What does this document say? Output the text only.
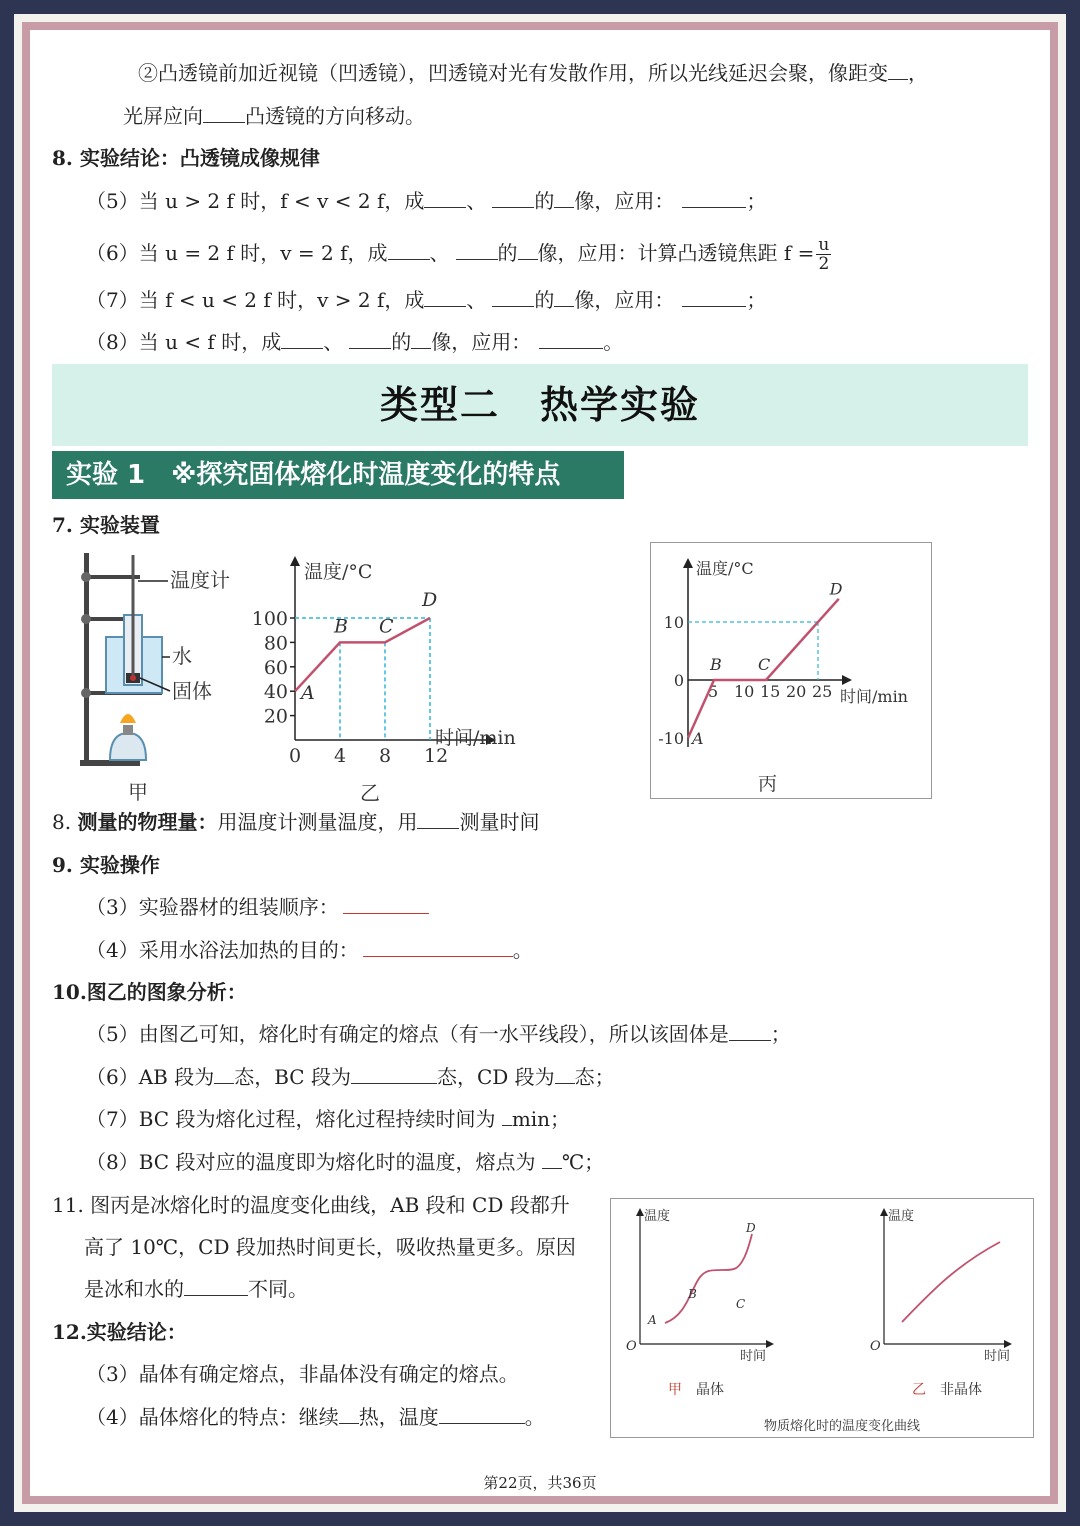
②凸透镜前加近视镜（凹透镜），凹透镜对光有发散作用，所以光线延迟会聚，像距变 ，
光屏应向 凸透镜的方向移动。
8. 实验结论：凸透镜成像规律
（5）当 u > 2 f 时，f < v < 2 f，成 、 的 像，应用：	；
（6）当 u = 2 f 时，v = 2 f，成 、 的 像，应用：计算凸透镜焦距 $f = \frac{u}{2}$
（7）当 f < u < 2 f 时，v > 2 f，成 、 的 像，应用：	；
（8）当 u < f 时，成 、 的 像，应用：	。
类型二　热学实验
实验 1　※探究固体熔化时温度变化的特点
7. 实验装置
温度计
水
固体
甲
0 4 8 12
20
40
60
80
100
A
B C
D
温度/°C
时间/min
乙
5 10 15 20 25
10
0
-10 A
B C
D
温度/°C
时间/min
丙
8. 测量的物理量：用温度计测量温度，用 测量时间
9. 实验操作
（3）实验器材的组装顺序：
（4）采用水浴法加热的目的：	。
10.图乙的图象分析：
（5）由图乙可知，熔化时有确定的熔点（有一水平线段），所以该固体是 ；
（6）AB 段为 态，BC 段为	态，CD 段为 态；
（7）BC 段为熔化过程，熔化过程持续时间为 min；
（8）BC 段对应的温度即为熔化时的温度，熔点为 ℃；
11. 图丙是冰熔化时的温度变化曲线，AB 段和 CD 段都升
高了 10℃，CD 段加热时间更长，吸收热量更多。原因
是冰和水的	不同。
12.实验结论：
（3）晶体有确定熔点，非晶体没有确定的熔点。
（4）晶体熔化的特点：继续 热，温度	。
温度
时间
O
A
B
C
D
甲 晶体
温度
时间
O
乙 非晶体
物质熔化时的温度变化曲线
第22页，共36页
